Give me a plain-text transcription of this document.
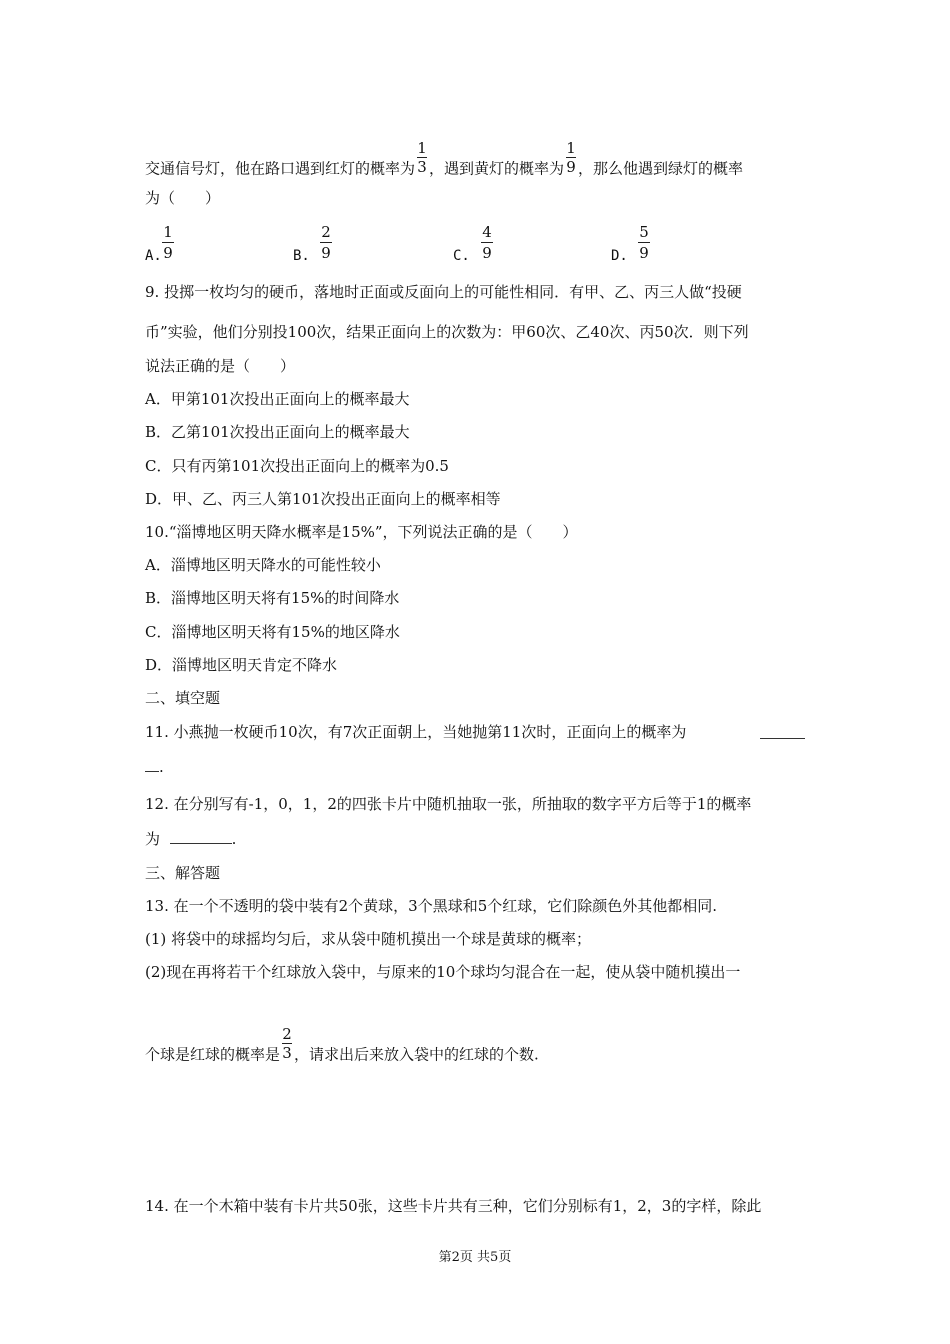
交通信号灯，他在路口遇到红灯的概率为 $\frac{1}{3}$ ，遇到黄灯的概率为 $\frac{1}{9}$ ，那么他遇到绿灯的概率
为（　　）
A.
1
9	B.
2
9	C.
4
9	D.
5
9
9. 投掷一枚均匀的硬币，落地时正面或反面向上的可能性相同．有甲、乙、丙三人做“投硬
币”实验，他们分别投100次，结果正面向上的次数为：甲60次、乙40次、丙50次．则下列
说法正确的是（　　）
A．甲第101次投出正面向上的概率最大
B．乙第101次投出正面向上的概率最大
C．只有丙第101次投出正面向上的概率为0.5
D．甲、乙、丙三人第101次投出正面向上的概率相等
10.“淄博地区明天降水概率是15%”，下列说法正确的是（　　）
A．淄博地区明天降水的可能性较小
B．淄博地区明天将有15%的时间降水
C．淄博地区明天将有15%的地区降水
D．淄博地区明天肯定不降水
二、填空题
11. 小燕抛一枚硬币10次，有7次正面朝上，当她抛第11次时，正面向上的概率为
.
12. 在分别写有-1，0，1，2的四张卡片中随机抽取一张，所抽取的数字平方后等于1的概率
为	.
三、解答题
13. 在一个不透明的袋中装有2个黄球，3个黑球和5个红球，它们除颜色外其他都相同.
(1) 将袋中的球摇均匀后，求从袋中随机摸出一个球是黄球的概率；
(2)现在再将若干个红球放入袋中，与原来的10个球均匀混合在一起，使从袋中随机摸出一
个球是红球的概率是 $\frac{2}{3}$ ，请求出后来放入袋中的红球的个数.
14. 在一个木箱中装有卡片共50张，这些卡片共有三种，它们分别标有1，2，3的字样，除此
第2页 共5页
